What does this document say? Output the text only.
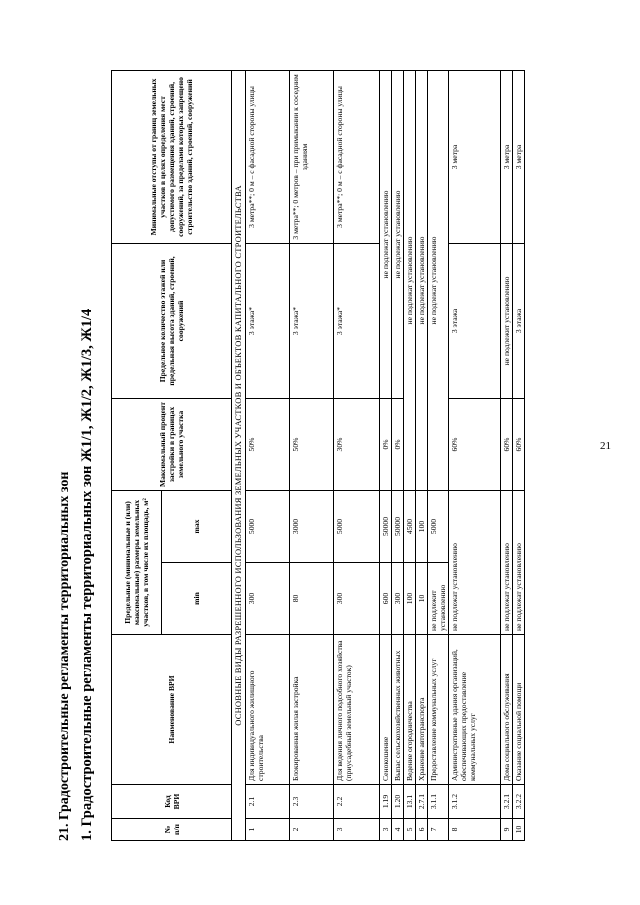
21
21. Градостроительные регламенты территориальных зон 1. Градостроительные регламенты территориальных зон Ж1/1, Ж1/2, Ж1/3, Ж1/4	№ п/п	Код ВРИ	Наименование ВРИ	Предельные (минимальные и (или) максимальные) размеры земельных участков, в том числе их площадь, м²		Максимальный процент застройки в границах земельного участка	Предельное количество этажей или предельная высота зданий, строений, сооружений	Минимальные отступы от границ земельных участков в целях определения мест допустимого размещения зданий, строений, сооружений, за пределами которых запрещено строительство зданий, строений, сооружений
			min	max			
ОСНОВНЫЕ ВИДЫ РАЗРЕШЕННОГО ИСПОЛЬЗОВАНИЯ ЗЕМЕЛЬНЫХ УЧАСТКОВ И ОБЪЕКТОВ КАПИТАЛЬНОГО СТРОИТЕЛЬСТВА							
1	2.1	Для индивидуального жилищного строительства	300	5000	50%	3 этажа*	3 метра**; 0 м – с фасадной стороны улицы
2	2.3	Блокированная жилая застройка	80	3000	50%	3 этажа*	3 метра**; 0 метров – при примыкании к соседним зданиям
3	2.2	Для ведения личного подсобного хозяйства (приусадебный земельный участок)	300	5000	30%	3 этажа*	3 метра**; 0 м – с фасадной стороны улицы
3	1.19	Сенокошение	600	50000	0%	не подлежат установлению	
4	1.20	Выпас сельскохозяйственных животных	300	50000	0%	не подлежат установлению	
5	13.1	Ведение огородничества	100	4500	не подлежат установлению		
6	2.7.1	Хранение автотранспорта	10	100	не подлежат установлению		
7	3.1.1	Предоставление коммунальных услуг	не подлежит установлению	5000	не подлежат установлению		
8	3.1.2	Административные здания организаций, обеспечивающих предоставление коммунальных услуг	не подлежат установлению		60%	3 этажа	3 метра
9	3.2.1	Дома социального обслуживания	не подлежат установлению		60%	не подлежит установлению	3 метра
10	3.2.2	Оказание социальной помощи	не подлежат установлению		60%	3 этажа	3 метра
